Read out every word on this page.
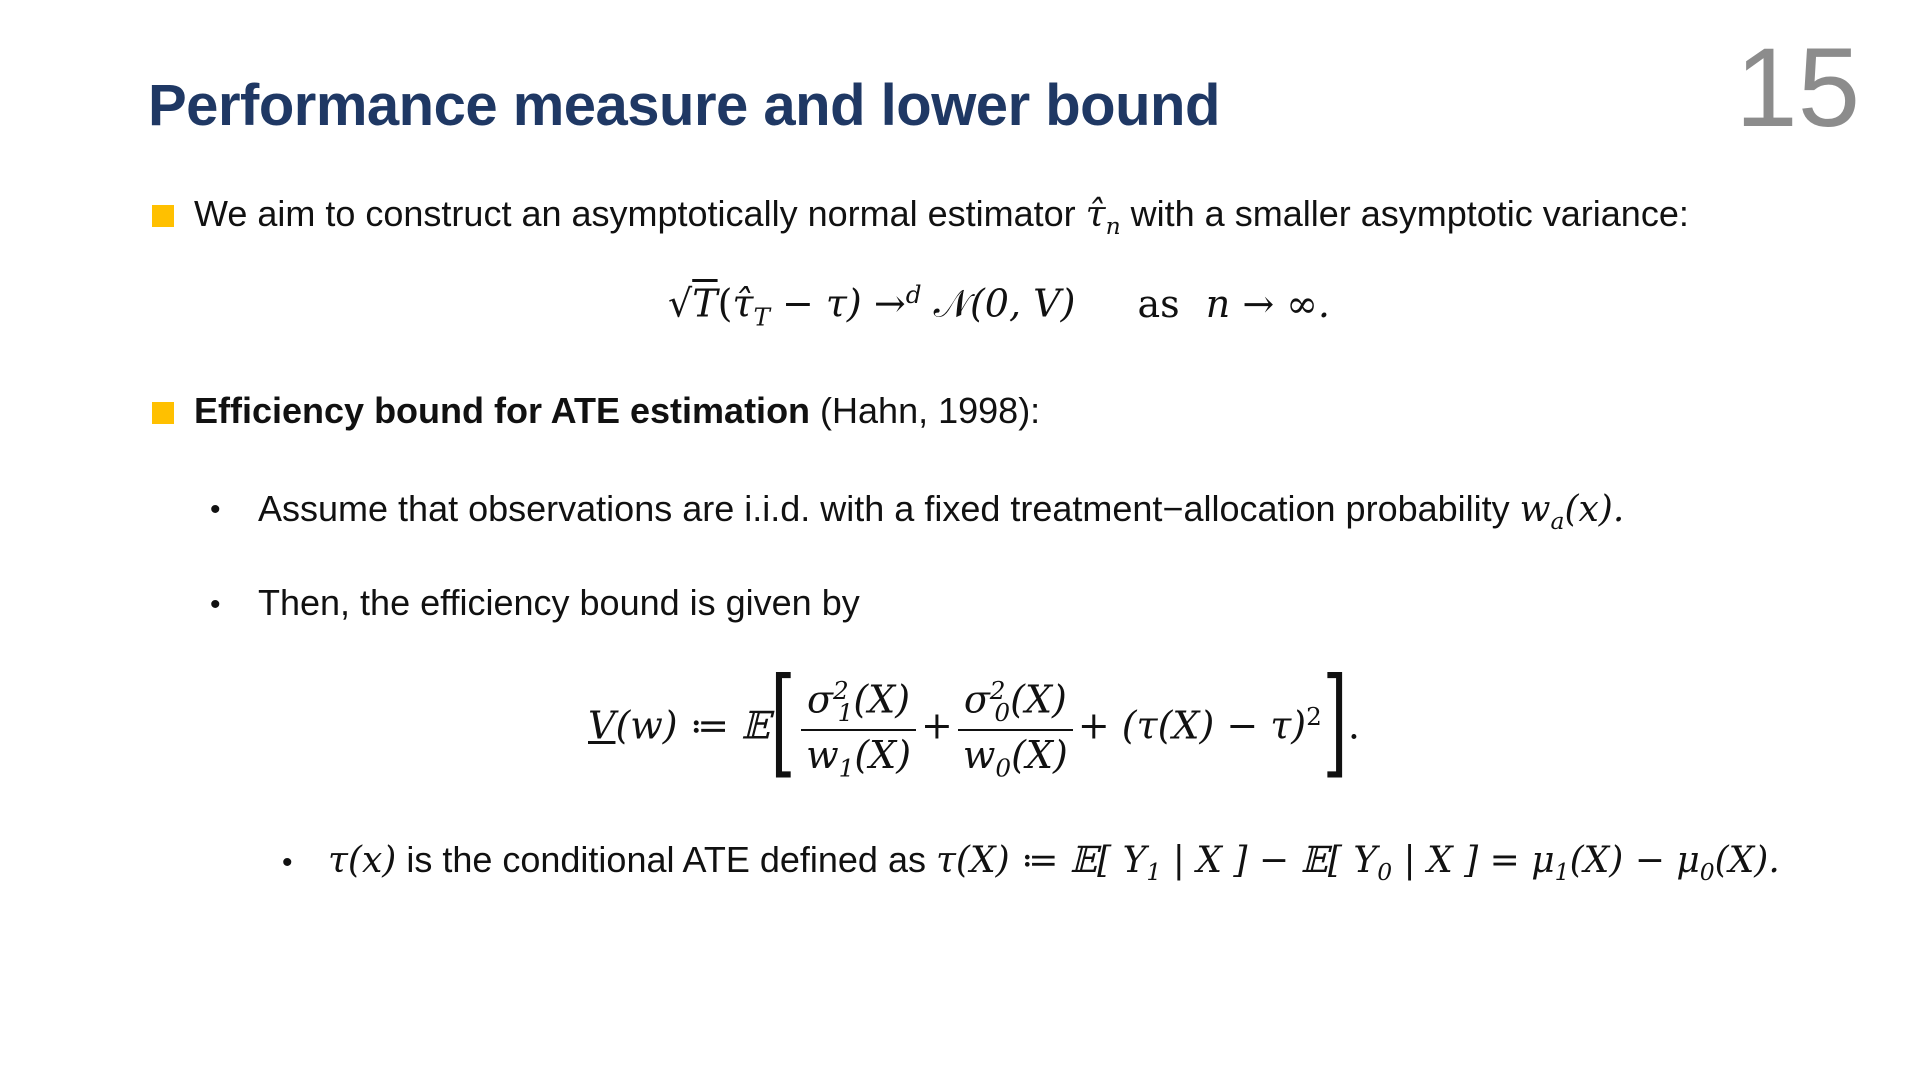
Performance measure and lower bound	15
We aim to construct an asymptotically normal estimator $\taû_n$ with a smaller asymptotic variance:
$√T(\taû_T - \tau) \to^d$ 𝒩(0, V) as n → ∞.
Efficiency bound for ATE estimation (Hahn, 1998):
• Assume that observations are i.i.d. with a fixed treatment−allocation probability $w_a(x)$.
• Then, the efficiency bound is given by
V(w) ≔ 𝔼[ $\frac{\sigma^2_1(X)}{w_1(X)} + \frac{\sigma^2_0(X)}{w_0(X)} + (\tau(X) - \tau)^2$].
• τ(x) is the conditional ATE defined as τ(X) ≔ 𝔼[ $Y_1$ | X ] − 𝔼[ $Y_0$ | X ] = $\mu_1(X) - \mu_0(X)$.
